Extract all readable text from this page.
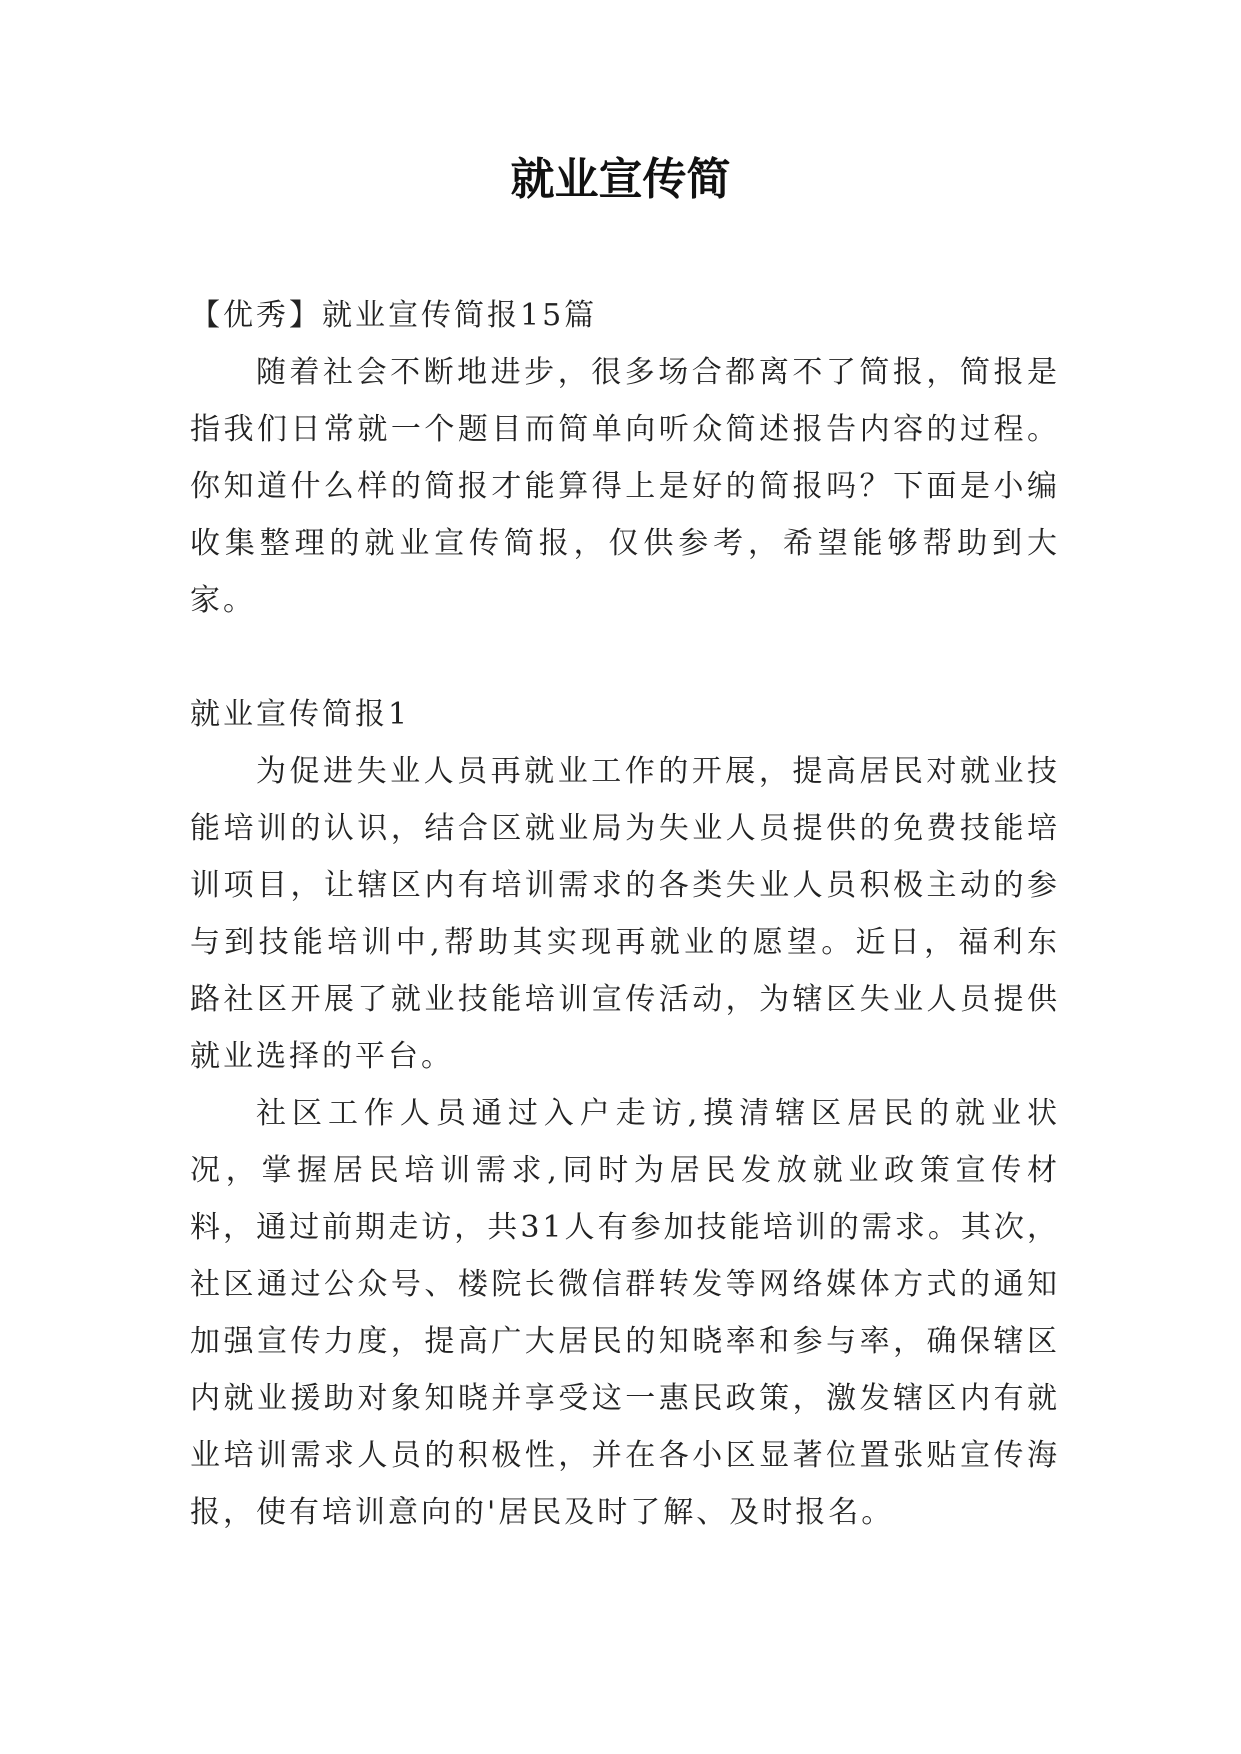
就业宣传简

【优秀】就业宣传简报15篇

随着社会不断地进步，很多场合都离不了简报，简报是指我们日常就一个题目而简单向听众简述报告内容的过程。你知道什么样的简报才能算得上是好的简报吗？下面是小编收集整理的就业宣传简报，仅供参考，希望能够帮助到大家。

就业宣传简报1

为促进失业人员再就业工作的开展，提高居民对就业技能培训的认识，结合区就业局为失业人员提供的免费技能培训项目，让辖区内有培训需求的各类失业人员积极主动的参与到技能培训中,帮助其实现再就业的愿望。近日，福利东路社区开展了就业技能培训宣传活动，为辖区失业人员提供就业选择的平台。

社区工作人员通过入户走访,摸清辖区居民的就业状况，掌握居民培训需求,同时为居民发放就业政策宣传材料，通过前期走访，共31人有参加技能培训的需求。其次，社区通过公众号、楼院长微信群转发等网络媒体方式的通知加强宣传力度，提高广大居民的知晓率和参与率，确保辖区内就业援助对象知晓并享受这一惠民政策，激发辖区内有就业培训需求人员的积极性，并在各小区显著位置张贴宣传海报，使有培训意向的'居民及时了解、及时报名。
